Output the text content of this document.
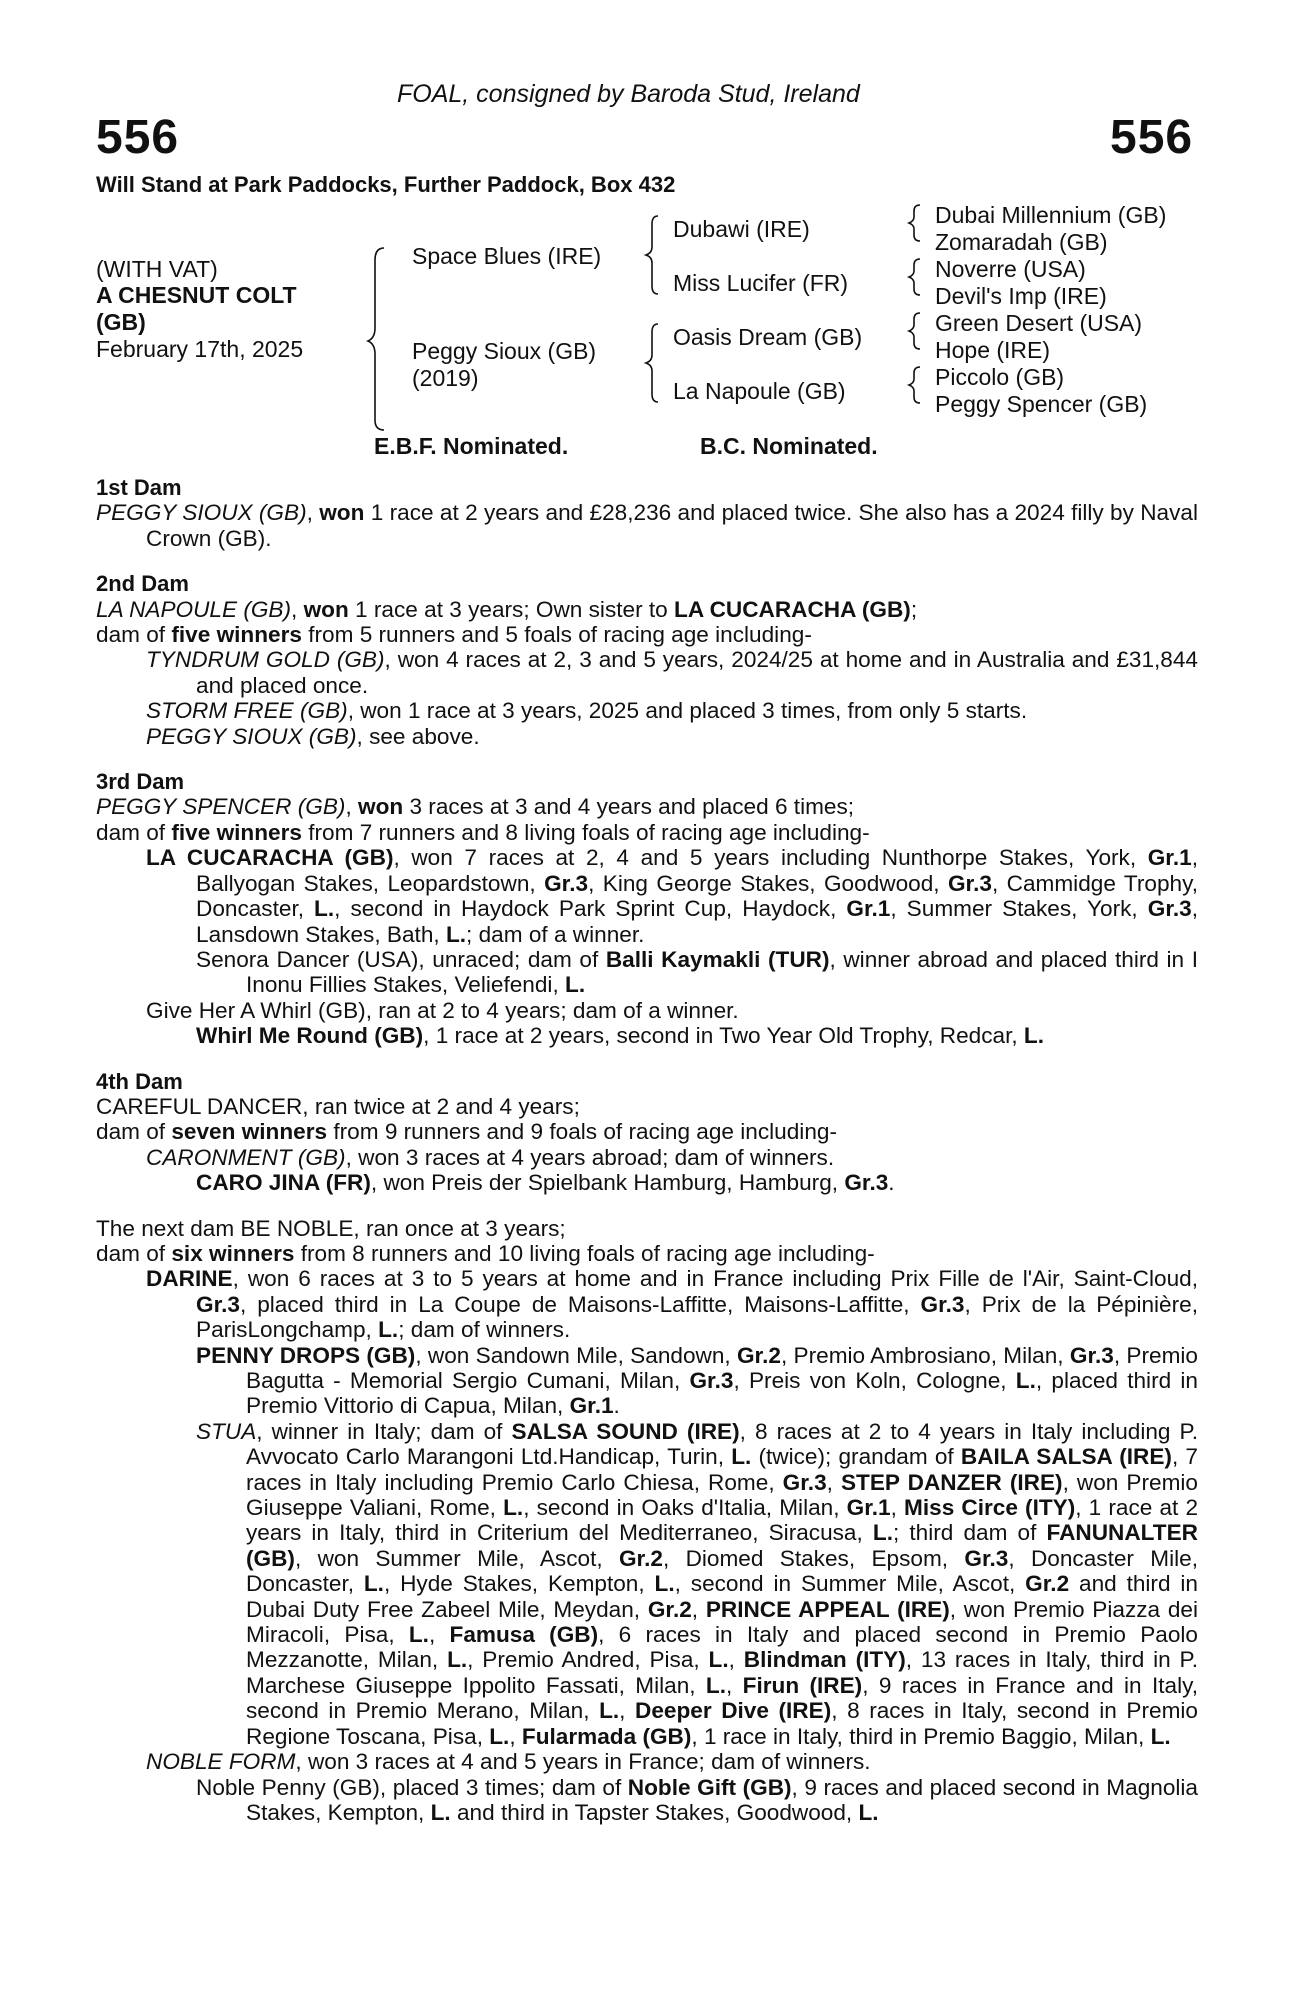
FOAL, consigned by Baroda Stud, Ireland
556	556
Will Stand at Park Paddocks, Further Paddock, Box 432
(WITH VAT)
A CHESNUT COLT
(GB)
February 17th, 2025
Space Blues (IRE)
Peggy Sioux (GB)
(2019)
Dubawi (IRE)
Miss Lucifer (FR)
Oasis Dream (GB)
La Napoule (GB)
Dubai Millennium (GB)
Zomaradah (GB)
Noverre (USA)
Devil's Imp (IRE)
Green Desert (USA)
Hope (IRE)
Piccolo (GB)
Peggy Spencer (GB)
E.B.F. Nominated.	B.C. Nominated.
1st Dam
PEGGY SIOUX (GB), won 1 race at 2 years and £28,236 and placed twice. She also has a 2024 filly by Naval Crown (GB).
2nd Dam
LA NAPOULE (GB), won 1 race at 3 years; Own sister to LA CUCARACHA (GB);
dam of five winners from 5 runners and 5 foals of racing age including-
TYNDRUM GOLD (GB), won 4 races at 2, 3 and 5 years, 2024/25 at home and in Australia and £31,844 and placed once.
STORM FREE (GB), won 1 race at 3 years, 2025 and placed 3 times, from only 5 starts.
PEGGY SIOUX (GB), see above.
3rd Dam
PEGGY SPENCER (GB), won 3 races at 3 and 4 years and placed 6 times;
dam of five winners from 7 runners and 8 living foals of racing age including-
LA CUCARACHA (GB), won 7 races at 2, 4 and 5 years including Nunthorpe Stakes, York, Gr.1, Ballyogan Stakes, Leopardstown, Gr.3, King George Stakes, Goodwood, Gr.3, Cammidge Trophy, Doncaster, L., second in Haydock Park Sprint Cup, Haydock, Gr.1, Summer Stakes, York, Gr.3, Lansdown Stakes, Bath, L.; dam of a winner.
Senora Dancer (USA), unraced; dam of Balli Kaymakli (TUR), winner abroad and placed third in I Inonu Fillies Stakes, Veliefendi, L.
Give Her A Whirl (GB), ran at 2 to 4 years; dam of a winner.
Whirl Me Round (GB), 1 race at 2 years, second in Two Year Old Trophy, Redcar, L.
4th Dam
CAREFUL DANCER, ran twice at 2 and 4 years;
dam of seven winners from 9 runners and 9 foals of racing age including-
CARONMENT (GB), won 3 races at 4 years abroad; dam of winners.
CARO JINA (FR), won Preis der Spielbank Hamburg, Hamburg, Gr.3.
The next dam BE NOBLE, ran once at 3 years;
dam of six winners from 8 runners and 10 living foals of racing age including-
DARINE, won 6 races at 3 to 5 years at home and in France including Prix Fille de l'Air, Saint-Cloud, Gr.3, placed third in La Coupe de Maisons-Laffitte, Maisons-Laffitte, Gr.3, Prix de la Pépinière, ParisLongchamp, L.; dam of winners.
PENNY DROPS (GB), won Sandown Mile, Sandown, Gr.2, Premio Ambrosiano, Milan, Gr.3, Premio Bagutta - Memorial Sergio Cumani, Milan, Gr.3, Preis von Koln, Cologne, L., placed third in Premio Vittorio di Capua, Milan, Gr.1.
STUA, winner in Italy; dam of SALSA SOUND (IRE), 8 races at 2 to 4 years in Italy including P. Avvocato Carlo Marangoni Ltd.Handicap, Turin, L. (twice); grandam of BAILA SALSA (IRE), 7 races in Italy including Premio Carlo Chiesa, Rome, Gr.3, STEP DANZER (IRE), won Premio Giuseppe Valiani, Rome, L., second in Oaks d'Italia, Milan, Gr.1, Miss Circe (ITY), 1 race at 2 years in Italy, third in Criterium del Mediterraneo, Siracusa, L.; third dam of FANUNALTER (GB), won Summer Mile, Ascot, Gr.2, Diomed Stakes, Epsom, Gr.3, Doncaster Mile, Doncaster, L., Hyde Stakes, Kempton, L., second in Summer Mile, Ascot, Gr.2 and third in Dubai Duty Free Zabeel Mile, Meydan, Gr.2, PRINCE APPEAL (IRE), won Premio Piazza dei Miracoli, Pisa, L., Famusa (GB), 6 races in Italy and placed second in Premio Paolo Mezzanotte, Milan, L., Premio Andred, Pisa, L., Blindman (ITY), 13 races in Italy, third in P. Marchese Giuseppe Ippolito Fassati, Milan, L., Firun (IRE), 9 races in France and in Italy, second in Premio Merano, Milan, L., Deeper Dive (IRE), 8 races in Italy, second in Premio Regione Toscana, Pisa, L., Fularmada (GB), 1 race in Italy, third in Premio Baggio, Milan, L.
NOBLE FORM, won 3 races at 4 and 5 years in France; dam of winners.
Noble Penny (GB), placed 3 times; dam of Noble Gift (GB), 9 races and placed second in Magnolia Stakes, Kempton, L. and third in Tapster Stakes, Goodwood, L.
